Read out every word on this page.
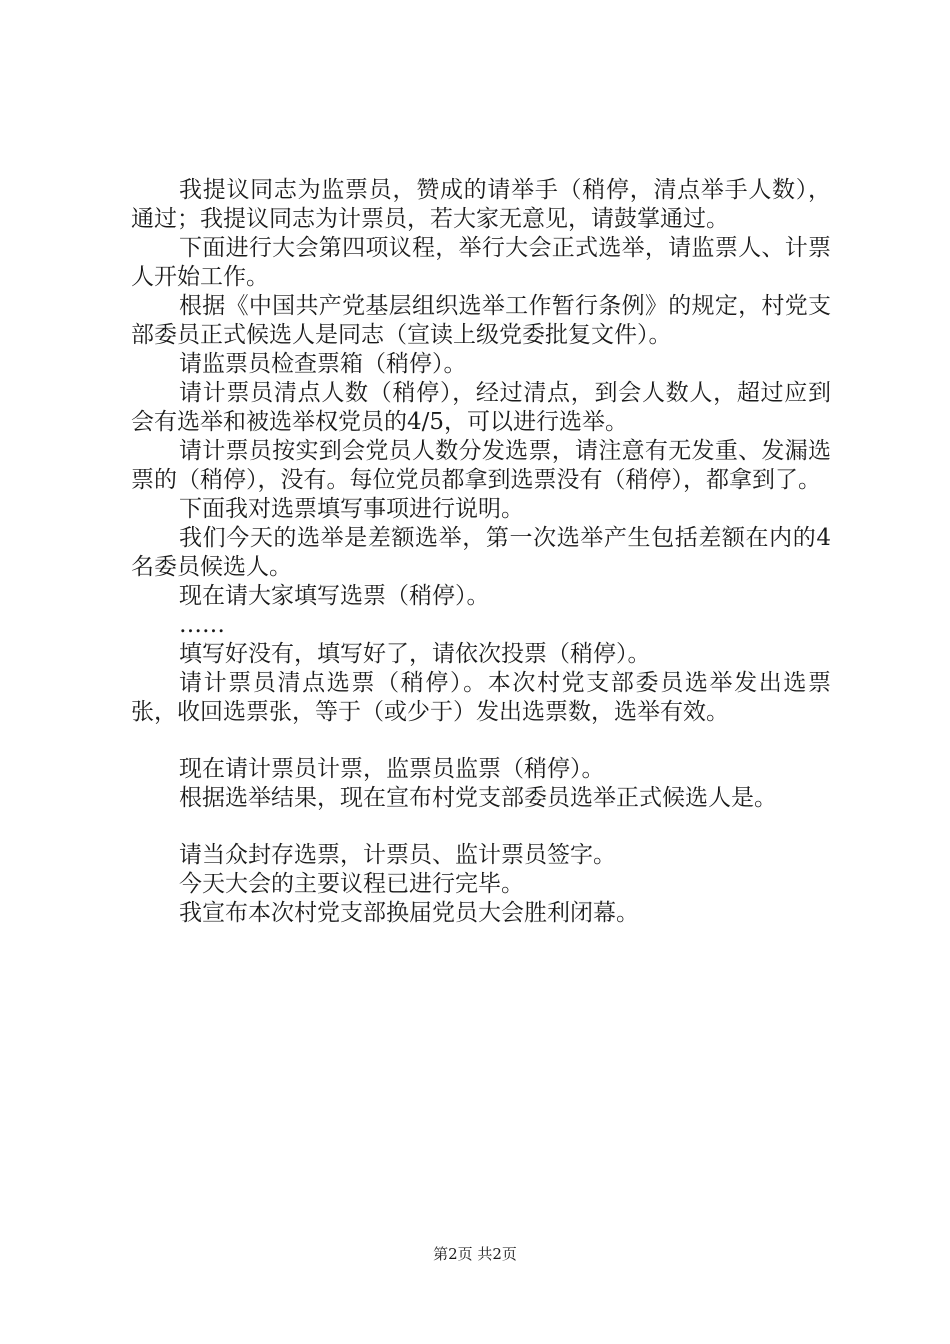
我提议同志为监票员，赞成的请举手（稍停，清点举手人数），通过；我提议同志为计票员，若大家无意见，请鼓掌通过。

下面进行大会第四项议程，举行大会正式选举，请监票人、计票人开始工作。

根据《中国共产党基层组织选举工作暂行条例》的规定，村党支部委员正式候选人是同志（宣读上级党委批复文件）。

请监票员检查票箱（稍停）。

请计票员清点人数（稍停），经过清点，到会人数人，超过应到会有选举和被选举权党员的4/5，可以进行选举。

请计票员按实到会党员人数分发选票，请注意有无发重、发漏选票的（稍停），没有。每位党员都拿到选票没有（稍停），都拿到了。

下面我对选票填写事项进行说明。

我们今天的选举是差额选举，第一次选举产生包括差额在内的4名委员候选人。

现在请大家填写选票（稍停）。

……

填写好没有，填写好了，请依次投票（稍停）。

请计票员清点选票（稍停）。本次村党支部委员选举发出选票张，收回选票张，等于（或少于）发出选票数，选举有效。

现在请计票员计票，监票员监票（稍停）。

根据选举结果，现在宣布村党支部委员选举正式候选人是。

请当众封存选票，计票员、监计票员签字。

今天大会的主要议程已进行完毕。

我宣布本次村党支部换届党员大会胜利闭幕。

第2页 共2页
